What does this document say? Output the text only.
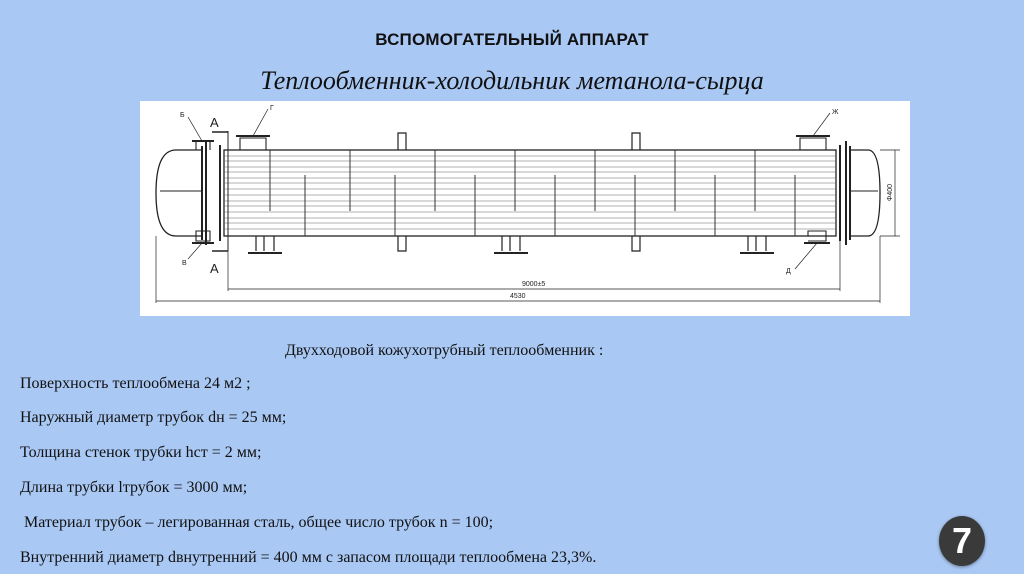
ВСПОМОГАТЕЛЬНЫЙ АППАРАТ
Теплообменник-холодильник метанола-сырца
А
А
Б
В
Г
Ж
Д
Ф400
9000±5
4530
Двухходовой кожухотрубный теплообменник :
Поверхность теплообмена 24 м2 ;
Наружный диаметр трубок dн = 25 мм;
Толщина стенок трубки hст = 2 мм;
Длина трубки lтрубок = 3000 мм;
Материал трубок – легированная сталь, общее число трубок n = 100;
Внутренний диаметр dвнутренний = 400 мм с запасом площади теплообмена 23,3%.	7
